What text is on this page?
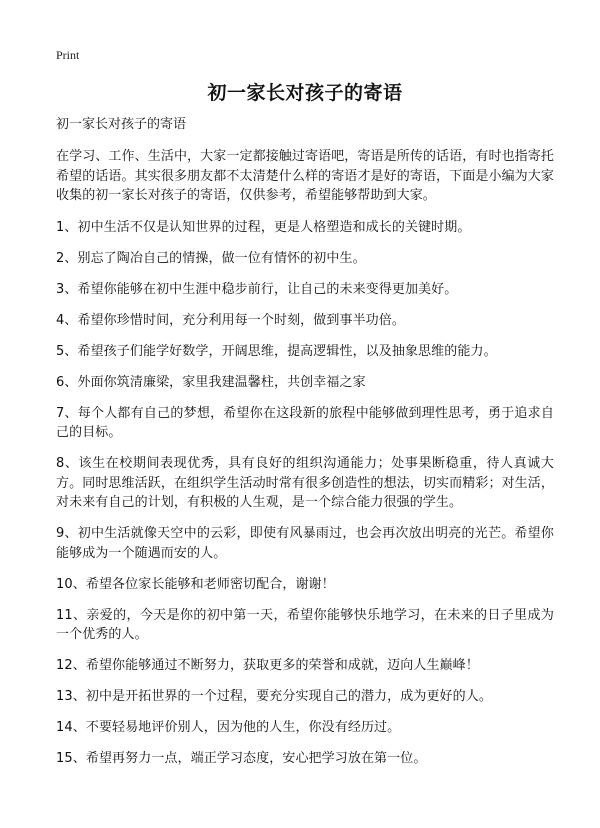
Print
初一家长对孩子的寄语
初一家长对孩子的寄语

在学习、工作、生活中，大家一定都接触过寄语吧，寄语是所传的话语，有时也指寄托希望的话语。其实很多朋友都不太清楚什么样的寄语才是好的寄语，下面是小编为大家收集的初一家长对孩子的寄语，仅供参考，希望能够帮助到大家。

1、初中生活不仅是认知世界的过程，更是人格塑造和成长的关键时期。

2、别忘了陶冶自己的情操，做一位有情怀的初中生。

3、希望你能够在初中生涯中稳步前行，让自己的未来变得更加美好。

4、希望你珍惜时间，充分利用每一个时刻，做到事半功倍。

5、希望孩子们能学好数学，开阔思维，提高逻辑性，以及抽象思维的能力。

6、外面你筑清廉梁，家里我建温馨柱，共创幸福之家

7、每个人都有自己的梦想，希望你在这段新的旅程中能够做到理性思考，勇于追求自己的目标。

8、该生在校期间表现优秀，具有良好的组织沟通能力；处事果断稳重，待人真诚大方。同时思维活跃，在组织学生活动时常有很多创造性的想法，切实而精彩；对生活，对未来有自己的计划，有积极的人生观，是一个综合能力很强的学生。

9、初中生活就像天空中的云彩，即使有风暴雨过，也会再次放出明亮的光芒。希望你能够成为一个随遇而安的人。

10、希望各位家长能够和老师密切配合，谢谢！

11、亲爱的，今天是你的初中第一天，希望你能够快乐地学习，在未来的日子里成为一个优秀的人。

12、希望你能够通过不断努力，获取更多的荣誉和成就，迈向人生巅峰！

13、初中是开拓世界的一个过程，要充分实现自己的潜力，成为更好的人。

14、不要轻易地评价别人，因为他的人生，你没有经历过。

15、希望再努力一点，端正学习态度，安心把学习放在第一位。
